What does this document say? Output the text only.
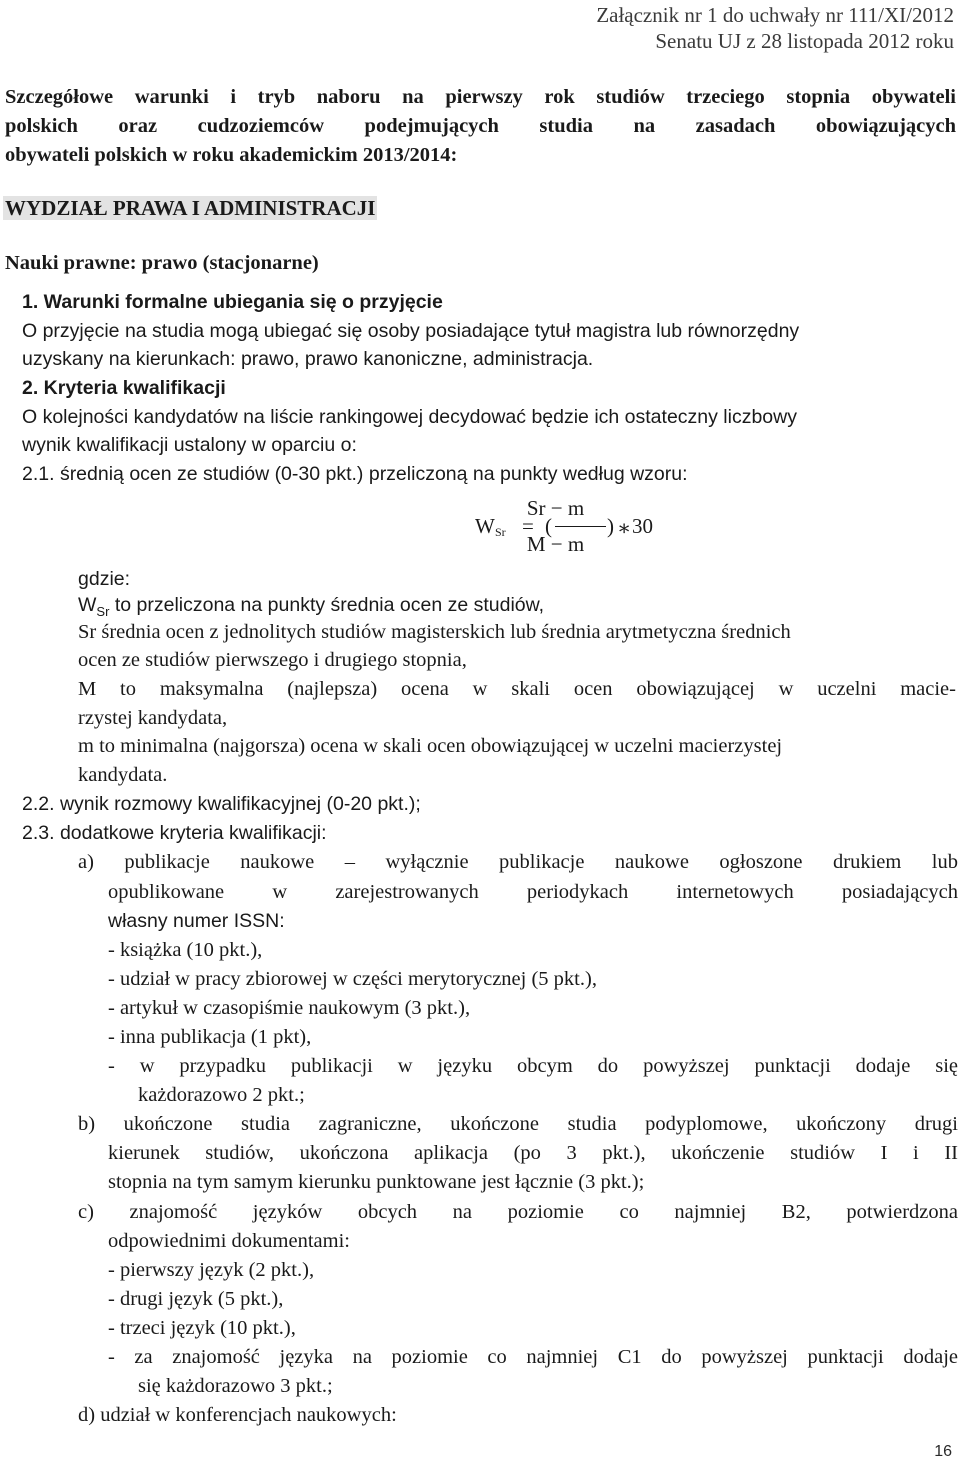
Załącznik nr 1 do uchwały nr 111/XI/2012
Senatu UJ z 28 listopada 2012 roku
Szczegółowe warunki i tryb naboru na pierwszy rok studiów trzeciego stopnia obywateli
polskich oraz cudzoziemców podejmujących studia na zasadach obowiązujących
obywateli polskich w roku akademickim 2013/2014:
WYDZIAŁ PRAWA I ADMINISTRACJI
Nauki prawne: prawo (stacjonarne)
1. Warunki formalne ubiegania się o przyjęcie
O przyjęcie na studia mogą ubiegać się osoby posiadające tytuł magistra lub równorzędny
uzyskany na kierunkach: prawo, prawo kanoniczne, administracja.
2. Kryteria kwalifikacji
O kolejności kandydatów na liście rankingowej decydować będzie ich ostateczny liczbowy
wynik kwalifikacji ustalony w oparciu o:
2.1. średnią ocen ze studiów (0-30 pkt.) przeliczoną na punkty według wzoru:
W Sr = (
Sr − m
M − m
) ∗ 30
gdzie:
$W_{Sr}$ to przeliczona na punkty średnia ocen ze studiów,
Sr średnia ocen z jednolitych studiów magisterskich lub średnia arytmetyczna średnich
ocen ze studiów pierwszego i drugiego stopnia,
M to maksymalna (najlepsza) ocena w skali ocen obowiązującej w uczelni macie-
rzystej kandydata,
m to minimalna (najgorsza) ocena w skali ocen obowiązującej w uczelni macierzystej
kandydata.
2.2. wynik rozmowy kwalifikacyjnej (0-20 pkt.);
2.3. dodatkowe kryteria kwalifikacji:
a) publikacje naukowe – wyłącznie publikacje naukowe ogłoszone drukiem lub
opublikowane w zarejestrowanych periodykach internetowych posiadających
własny numer ISSN:
- książka (10 pkt.),
- udział w pracy zbiorowej w części merytorycznej (5 pkt.),
- artykuł w czasopiśmie naukowym (3 pkt.),
- inna publikacja (1 pkt),
- w przypadku publikacji w języku obcym do powyższej punktacji dodaje się
każdorazowo 2 pkt.;
b) ukończone studia zagraniczne, ukończone studia podyplomowe, ukończony drugi
kierunek studiów, ukończona aplikacja (po 3 pkt.), ukończenie studiów I i II
stopnia na tym samym kierunku punktowane jest łącznie (3 pkt.);
c) znajomość języków obcych na poziomie co najmniej B2, potwierdzona
odpowiednimi dokumentami:
- pierwszy język (2 pkt.),
- drugi język (5 pkt.),
- trzeci język (10 pkt.),
- za znajomość języka na poziomie co najmniej C1 do powyższej punktacji dodaje
się każdorazowo 3 pkt.;
d) udział w konferencjach naukowych:
16
